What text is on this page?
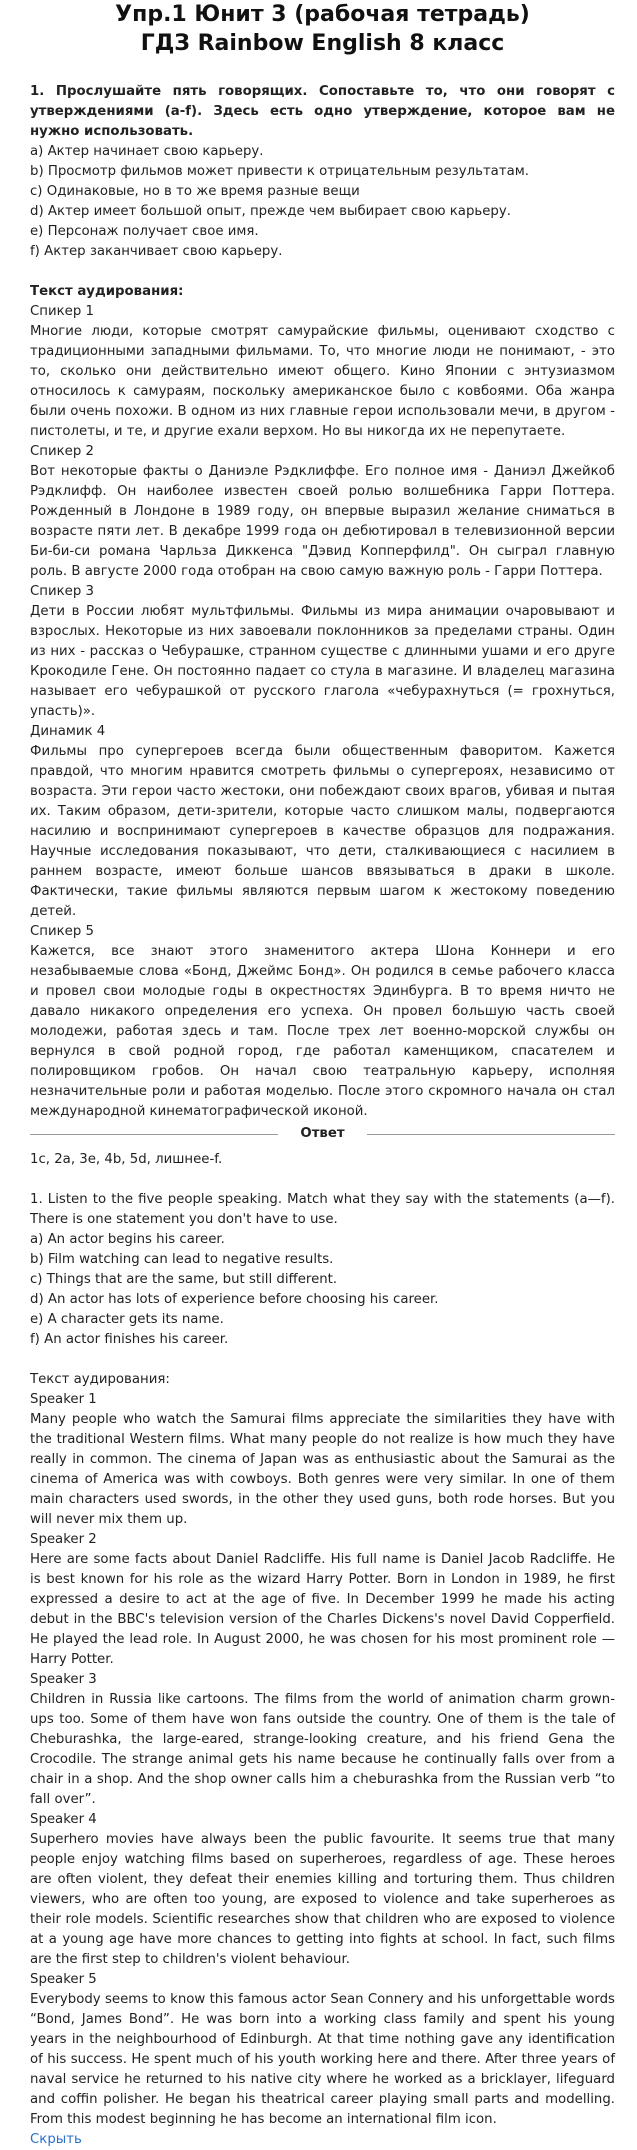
Упр.1 Юнит 3 (рабочая тетрадь)
ГДЗ Rainbow English 8 класс
1. Прослушайте пять говорящих. Сопоставьте то, что они говорят с утверждениями (a-f). Здесь есть одно утверждение, которое вам не нужно использовать.
a) Актер начинает свою карьеру.
b) Просмотр фильмов может привести к отрицательным результатам.
c) Одинаковые, но в то же время разные вещи
d) Актер имеет большой опыт, прежде чем выбирает свою карьеру.
e) Персонаж получает свое имя.
f) Актер заканчивает свою карьеру.
Текст аудирования:
Спикер 1
Многие люди, которые смотрят самурайские фильмы, оценивают сходство с традиционными западными фильмами. То, что многие люди не понимают, - это то, сколько они действительно имеют общего. Кино Японии с энтузиазмом относилось к самураям, поскольку американское было с ковбоями. Оба жанра были очень похожи. В одном из них главные герои использовали мечи, в другом - пистолеты, и те, и другие ехали верхом. Но вы никогда их не перепутаете.
Спикер 2
Вот некоторые факты о Даниэле Рэдклиффе. Его полное имя - Даниэл Джейкоб Рэдклифф. Он наиболее известен своей ролью волшебника Гарри Поттера. Рожденный в Лондоне в 1989 году, он впервые выразил желание сниматься в возрасте пяти лет. В декабре 1999 года он дебютировал в телевизионной версии Би-би-си романа Чарльза Диккенса "Дэвид Копперфилд". Он сыграл главную роль. В августе 2000 года отобран на свою самую важную роль - Гарри Поттера.
Спикер 3
Дети в России любят мультфильмы. Фильмы из мира анимации очаровывают и взрослых. Некоторые из них завоевали поклонников за пределами страны. Один из них - рассказ о Чебурашке, странном существе с длинными ушами и его друге Крокодиле Гене. Он постоянно падает со стула в магазине. И владелец магазина называет его чебурашкой от русского глагола «чебурахнуться (= грохнуться, упасть)».
Динамик 4
Фильмы про супергероев всегда были общественным фаворитом. Кажется правдой, что многим нравится смотреть фильмы о супергероях, независимо от возраста. Эти герои часто жестоки, они побеждают своих врагов, убивая и пытая их. Таким образом, дети-зрители, которые часто слишком малы, подвергаются насилию и воспринимают супергероев в качестве образцов для подражания. Научные исследования показывают, что дети, сталкивающиеся с насилием в раннем возрасте, имеют больше шансов ввязываться в драки в школе. Фактически, такие фильмы являются первым шагом к жестокому поведению детей.
Спикер 5
Кажется, все знают этого знаменитого актера Шона Коннери и его незабываемые слова «Бонд, Джеймс Бонд». Он родился в семье рабочего класса и провел свои молодые годы в окрестностях Эдинбурга. В то время ничто не давало никакого определения его успеха. Он провел большую часть своей молодежи, работая здесь и там. После трех лет военно-морской службы он вернулся в свой родной город, где работал каменщиком, спасателем и полировщиком гробов. Он начал свою театральную карьеру, исполняя незначительные роли и работая моделью. После этого скромного начала он стал международной кинематографической иконой.
Ответ
1с, 2a, 3e, 4b, 5d, лишнее-f.
1. Listen to the five people speaking. Match what they say with the statements (a—f). There is one statement you don't have to use.
a) An actor begins his career.
b) Film watching can lead to negative results.
c) Things that are the same, but still different.
d) An actor has lots of experience before choosing his career.
e) A character gets its name.
f) An actor finishes his career.
Текст аудирования:
Speaker 1
Many people who watch the Samurai films appreciate the similarities they have with the traditional Western films. What many people do not realize is how much they have really in common. The cinema of Japan was as enthusiastic about the Samurai as the cinema of America was with cowboys. Both genres were very similar. In one of them main characters used swords, in the other they used guns, both rode horses. But you will never mix them up.
Speaker 2
Here are some facts about Daniel Radcliffe. His full name is Daniel Jacob Radcliffe. He is best known for his role as the wizard Harry Potter. Born in London in 1989, he first expressed a desire to act at the age of five. In December 1999 he made his acting debut in the BBC's television version of the Charles Dickens's novel David Copperfield. He played the lead role. In August 2000, he was chosen for his most prominent role — Harry Potter.
Speaker 3
Children in Russia like cartoons. The films from the world of animation charm grown-ups too. Some of them have won fans outside the country. One of them is the tale of Cheburashka, the large-eared, strange-looking creature, and his friend Gena the Crocodile. The strange animal gets his name because he continually falls over from a chair in a shop. And the shop owner calls him a cheburashka from the Russian verb “to fall over”.
Speaker 4
Superhero movies have always been the public favourite. It seems true that many people enjoy watching films based on superheroes, regardless of age. These heroes are often violent, they defeat their enemies killing and torturing them. Thus children viewers, who are often too young, are exposed to violence and take superheroes as their role models. Scientific researches show that children who are exposed to violence at a young age have more chances to getting into fights at school. In fact, such films are the first step to children's violent behaviour.
Speaker 5
Everybody seems to know this famous actor Sean Connery and his unforgettable words “Bond, James Bond”. He was born into a working class family and spent his young years in the neighbourhood of Edinburgh. At that time nothing gave any identification of his success. He spent much of his youth working here and there. After three years of naval service he returned to his native city where he worked as a bricklayer, lifeguard and coffin polisher. He began his theatrical career playing small parts and modelling. From this modest beginning he has become an international film icon.
Скрыть
